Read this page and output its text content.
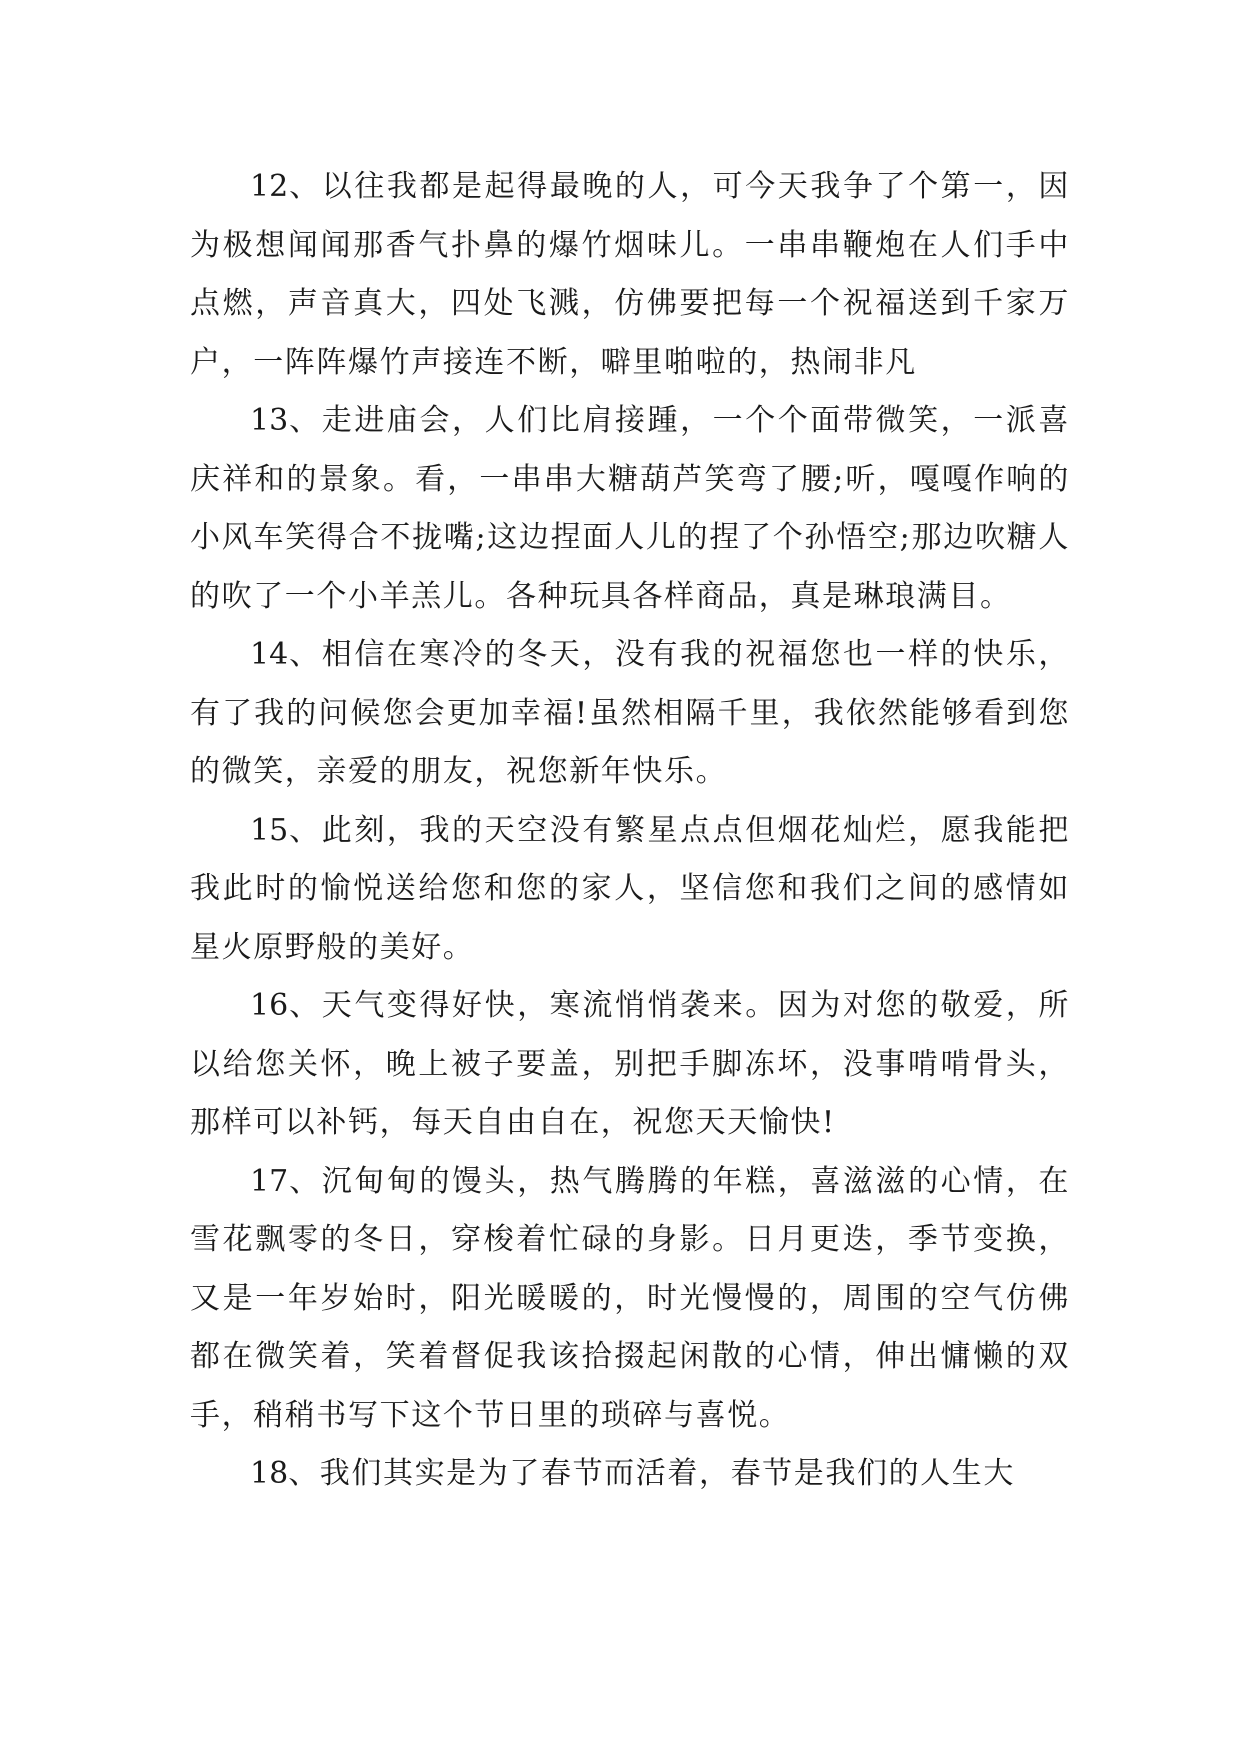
12、以往我都是起得最晚的人，可今天我争了个第一，因为极想闻闻那香气扑鼻的爆竹烟味儿。一串串鞭炮在人们手中点燃，声音真大，四处飞溅，仿佛要把每一个祝福送到千家万户，一阵阵爆竹声接连不断，噼里啪啦的，热闹非凡

13、走进庙会，人们比肩接踵，一个个面带微笑，一派喜庆祥和的景象。看，一串串大糖葫芦笑弯了腰;听，嘎嘎作响的小风车笑得合不拢嘴;这边捏面人儿的捏了个孙悟空;那边吹糖人的吹了一个小羊羔儿。各种玩具各样商品，真是琳琅满目。

14、相信在寒冷的冬天，没有我的祝福您也一样的快乐，有了我的问候您会更加幸福!虽然相隔千里，我依然能够看到您的微笑，亲爱的朋友，祝您新年快乐。

15、此刻，我的天空没有繁星点点但烟花灿烂，愿我能把我此时的愉悦送给您和您的家人，坚信您和我们之间的感情如星火原野般的美好。

16、天气变得好快，寒流悄悄袭来。因为对您的敬爱，所以给您关怀，晚上被子要盖，别把手脚冻坏，没事啃啃骨头，那样可以补钙，每天自由自在，祝您天天愉快!

17、沉甸甸的馒头，热气腾腾的年糕，喜滋滋的心情，在雪花飘零的冬日，穿梭着忙碌的身影。日月更迭，季节变换，又是一年岁始时，阳光暖暖的，时光慢慢的，周围的空气仿佛都在微笑着，笑着督促我该拾掇起闲散的心情，伸出慵懒的双手，稍稍书写下这个节日里的琐碎与喜悦。

18、我们其实是为了春节而活着，春节是我们的人生大
